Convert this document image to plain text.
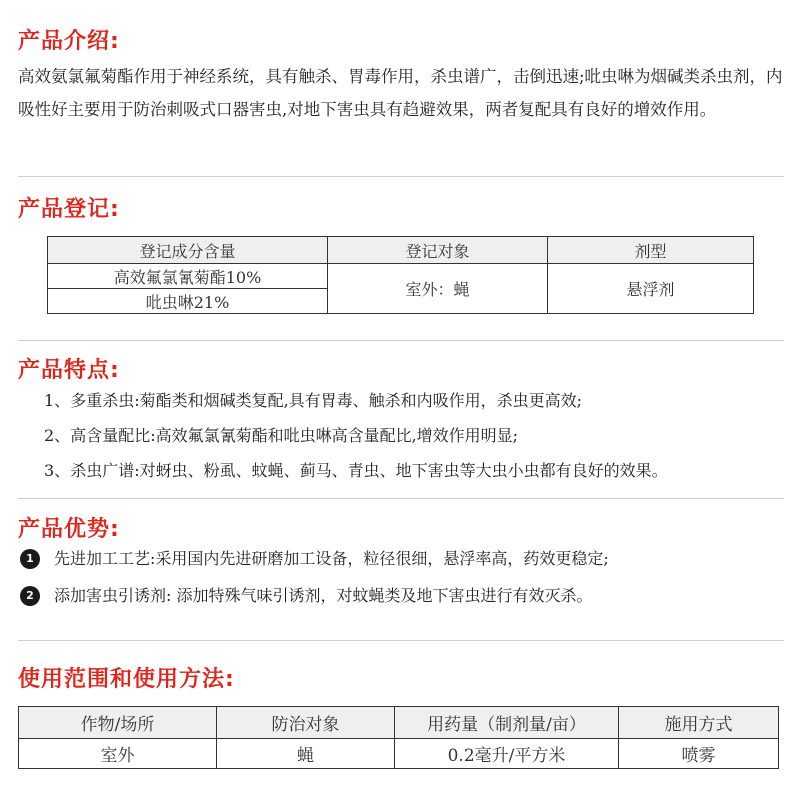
产品介绍:
高效氨氯氟菊酯作用于神经系统，具有触杀、胃毒作用，杀虫谱广，击倒迅速;吡虫啉为烟碱类杀虫剂，内吸性好主要用于防治刺吸式口器害虫,对地下害虫具有趋避效果，两者复配具有良好的增效作用。
产品登记:
登记成分含量	登记对象	剂型
高效氟氯氰菊酯10%	室外：蝇	悬浮剂
吡虫啉21%		
产品特点:
1、多重杀虫:菊酯类和烟碱类复配,具有胃毒、触杀和内吸作用，杀虫更高效;
2、高含量配比:高效氟氯氰菊酯和吡虫啉高含量配比,增效作用明显;
3、杀虫广谱:对蚜虫、粉虱、蚊蝇、蓟马、青虫、地下害虫等大虫小虫都有良好的效果。
产品优势:
1	先进加工工艺:采用国内先进研磨加工设备，粒径很细，悬浮率高，药效更稳定;
2	添加害虫引诱剂: 添加特殊气味引诱剂，对蚊蝇类及地下害虫进行有效灭杀。
使用范围和使用方法:
作物/场所	防治对象	用药量（制剂量/亩）	施用方式
室外	蝇	0.2毫升/平方米	喷雾
